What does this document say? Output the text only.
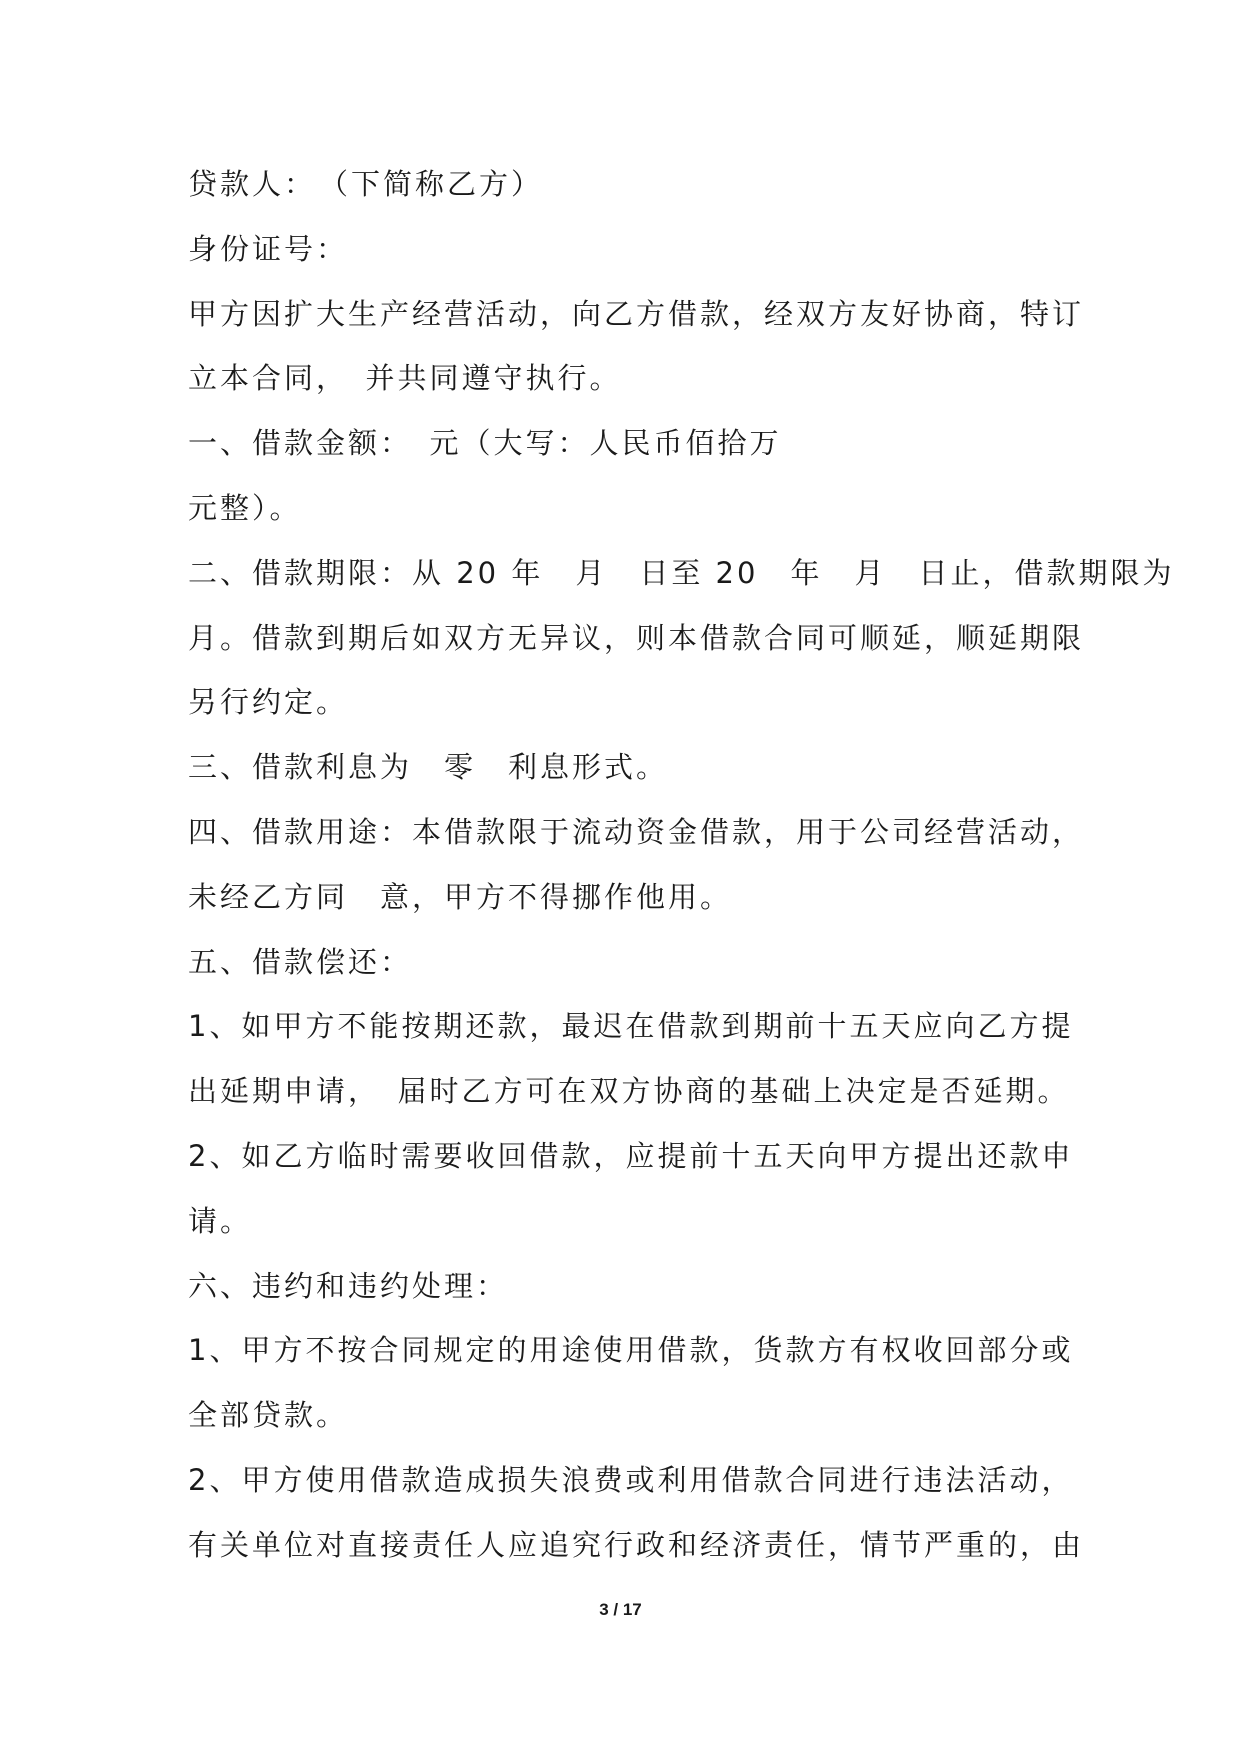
贷款人：　（下简称乙方）
身份证号：
甲方因扩大生产经营活动，向乙方借款，经双方友好协商，特订
立本合同，　并共同遵守执行。
一、借款金额：　元（大写：人民币佰拾万
元整）。
二、借款期限：从 20 年　月　日至 20　年　月　日止，借款期限为
月。借款到期后如双方无异议，则本借款合同可顺延，顺延期限
另行约定。
三、借款利息为　零　利息形式。
四、借款用途：本借款限于流动资金借款，用于公司经营活动，
未经乙方同　意，甲方不得挪作他用。
五、借款偿还：
1、如甲方不能按期还款，最迟在借款到期前十五天应向乙方提
出延期申请，　届时乙方可在双方协商的基础上决定是否延期。
2、如乙方临时需要收回借款，应提前十五天向甲方提出还款申
请。
六、违约和违约处理：
1、甲方不按合同规定的用途使用借款，货款方有权收回部分或
全部贷款。
2、甲方使用借款造成损失浪费或利用借款合同进行违法活动，
有关单位对直接责任人应追究行政和经济责任，情节严重的，由
3 / 17
